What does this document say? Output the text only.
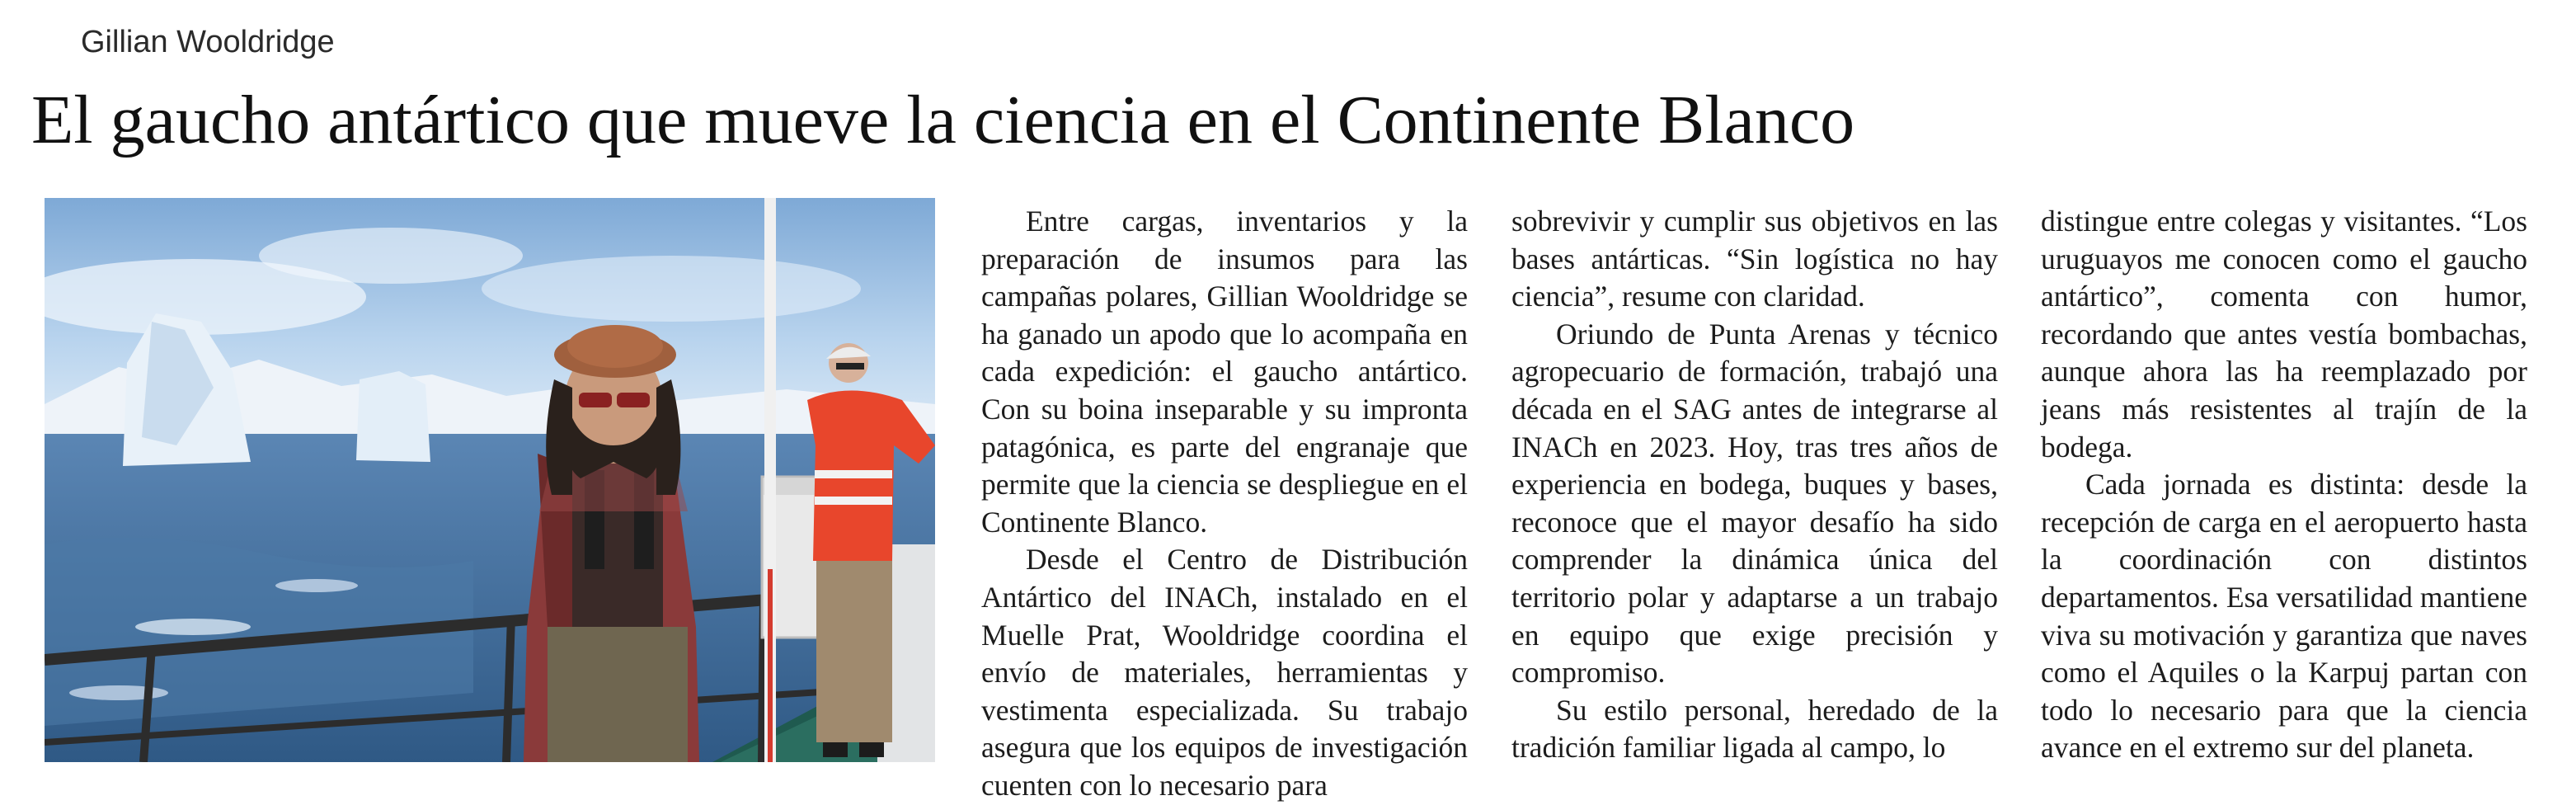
Gillian Wooldridge
El gaucho antártico que mueve la ciencia en el Continente Blanco

Entre cargas, inventarios y la preparación de insumos para las campañas polares, Gillian Wooldridge se ha ganado un apodo que lo acompaña en cada expedición: el gaucho antártico. Con su boina inseparable y su impronta patagónica, es parte del engranaje que permite que la ciencia se despliegue en el Continente Blanco.

Desde el Centro de Distribución Antártico del INACh, instalado en el Muelle Prat, Wooldridge coordina el envío de materiales, herramientas y vestimenta especializada. Su trabajo asegura que los equipos de investigación cuenten con lo necesario para

sobrevivir y cumplir sus objetivos en las bases antárticas. “Sin logística no hay ciencia”, resume con claridad.

Oriundo de Punta Arenas y técnico agropecuario de formación, trabajó una década en el SAG antes de integrarse al INACh en 2023. Hoy, tras tres años de experiencia en bodega, buques y bases, reconoce que el mayor desafío ha sido comprender la dinámica única del territorio polar y adaptarse a un trabajo en equipo que exige precisión y compromiso.

Su estilo personal, heredado de la tradición familiar ligada al campo, lo

distingue entre colegas y visitantes. “Los uruguayos me conocen como el gaucho antártico”, comenta con humor, recordando que antes vestía bombachas, aunque ahora las ha reemplazado por jeans más resistentes al trajín de la bodega.

Cada jornada es distinta: desde la recepción de carga en el aeropuerto hasta la coordinación con distintos departamentos. Esa versatilidad mantiene viva su motivación y garantiza que naves como el Aquiles o la Karpuj partan con todo lo necesario para que la ciencia avance en el extremo sur del planeta.
